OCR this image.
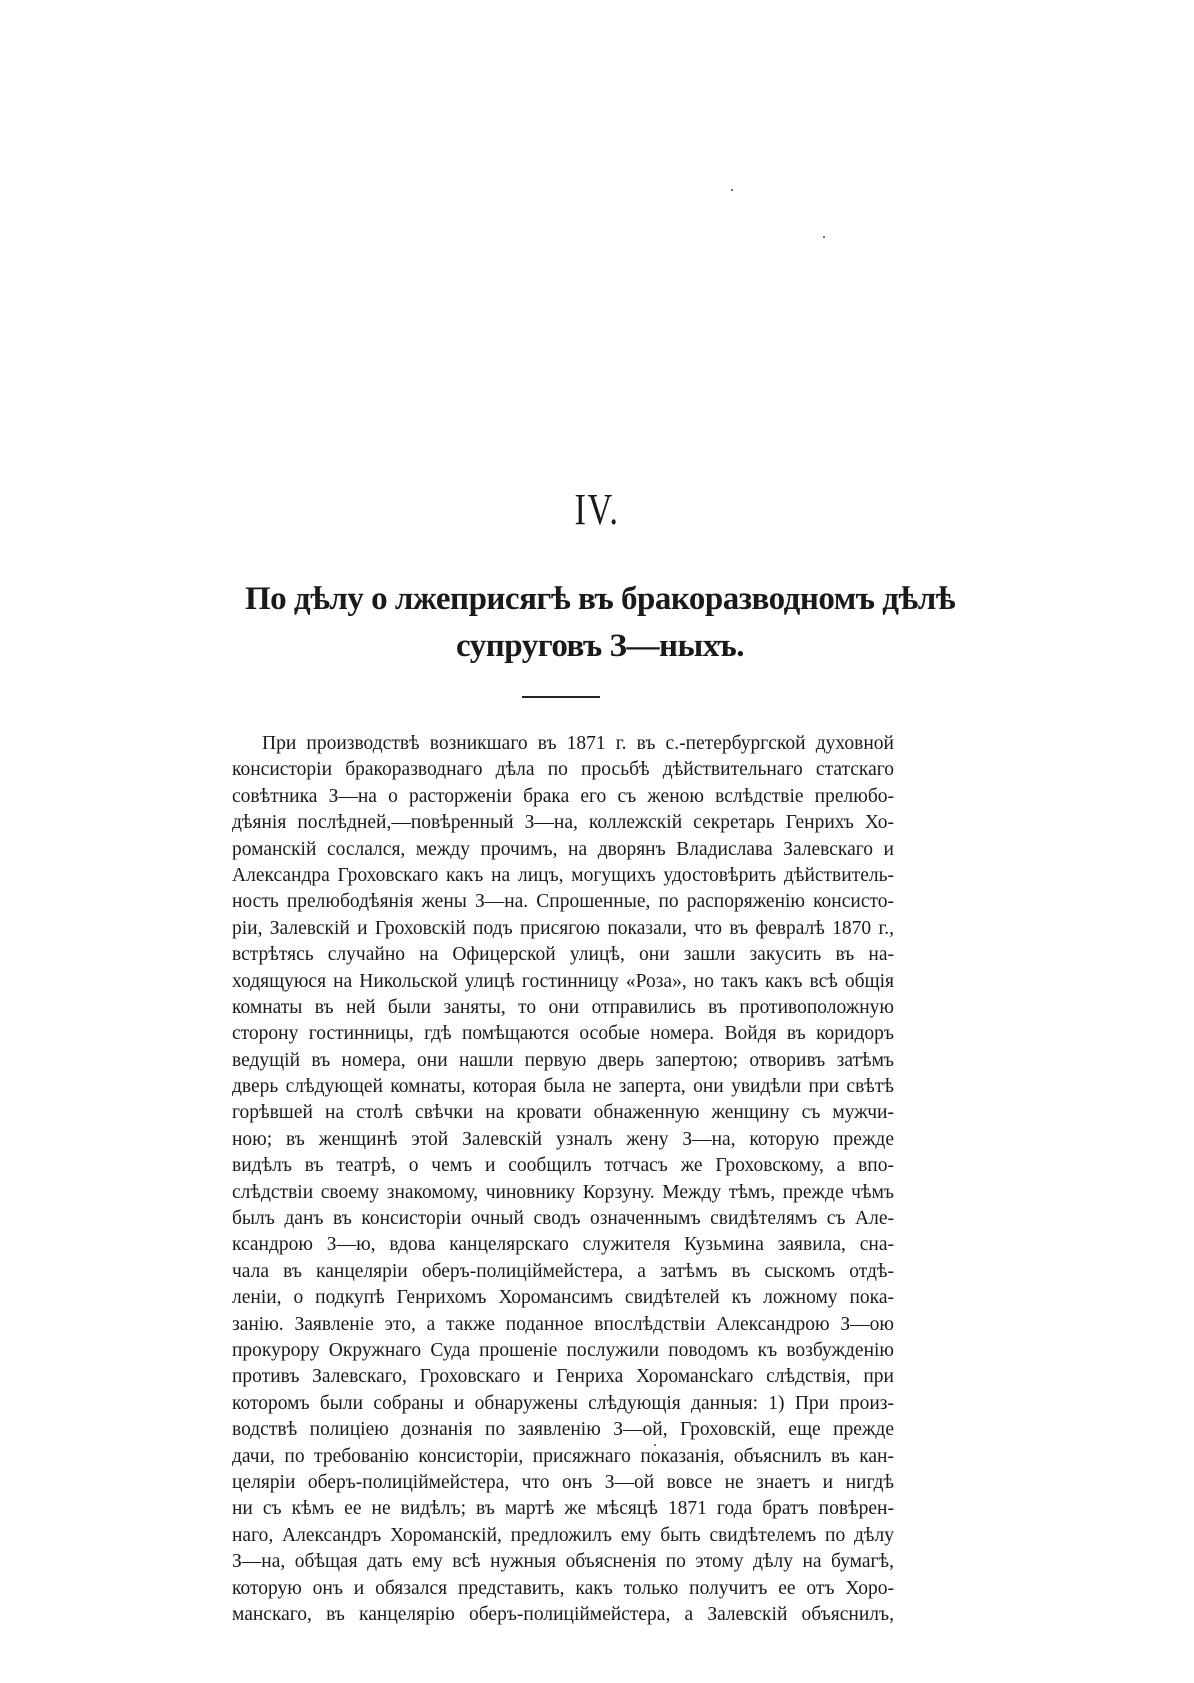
IV.
По дѣлу о лжеприсягѣ въ бракоразводномъ дѣлѣ
супруговъ З—ныхъ.
При производствѣ возникшаго въ 1871 г. въ с.-петербургской духовной
консисторіи бракоразводнаго дѣла по просьбѣ дѣйствительнаго статскаго
совѣтника З—на о расторженіи брака его съ женою вслѣдствіе прелюбо-
дѣянія послѣдней,—повѣренный З—на, коллежскій секретарь Генрихъ Хо-
романскій сослался, между прочимъ, на дворянъ Владислава Залевскаго и
Александра Гроховскаго какъ на лицъ, могущихъ удостовѣрить дѣйствитель-
ность прелюбодѣянія жены З—на. Спрошенные, по распоряженію консисто-
ріи, Залевскій и Гроховскій подъ присягою показали, что въ февралѣ 1870 г.,
встрѣтясь случайно на Офицерской улицѣ, они зашли закусить въ на-
ходящуюся на Никольской улицѣ гостинницу «Роза», но такъ какъ всѣ общія
комнаты въ ней были заняты, то они отправились въ противоположную
сторону гостинницы, гдѣ помѣщаются особые номера. Войдя въ коридоръ
ведущій въ номера, они нашли первую дверь запертою; отворивъ затѣмъ
дверь слѣдующей комнаты, которая была не заперта, они увидѣли при свѣтѣ
горѣвшей на столѣ свѣчки на кровати обнаженную женщину съ мужчи-
ною; въ женщинѣ этой Залевскій узналъ жену З—на, которую прежде
видѣлъ въ театрѣ, о чемъ и сообщилъ тотчасъ же Гроховскому, а впо-
слѣдствіи своему знакомому, чиновнику Корзуну. Между тѣмъ, прежде чѣмъ
былъ данъ въ консисторіи очный сводъ означеннымъ свидѣтелямъ съ Але-
ксандрою З—ю, вдова канцелярскаго служителя Кузьмина заявила, сна-
чала въ канцеляріи оберъ-полиціймейстера, а затѣмъ въ сыскомъ отдѣ-
леніи, о подкупѣ Генрихомъ Хоромансимъ свидѣтелей къ ложному пока-
занію. Заявленіе это, а также поданное впослѣдствіи Александрою З—ою
прокурору Окружнаго Суда прошеніе послужили поводомъ къ возбужденію
противъ Залевскаго, Гроховскаго и Генриха Хоромансkаго слѣдствія, при
которомъ были собраны и обнаружены слѣдующія данныя: 1) При произ-
водствѣ полиціею дознанія по заявленію З—ой, Гроховскій, еще прежде
дачи, по требованію консисторіи, присяжнаго показанія, объяснилъ въ кан-
целяріи оберъ-полиціймейстера, что онъ З—ой вовсе не знаетъ и нигдѣ
ни съ кѣмъ ее не видѣлъ; въ мартѣ же мѣсяцѣ 1871 года братъ повѣрен-
наго, Александръ Хороманскій, предложилъ ему быть свидѣтелемъ по дѣлу
З—на, обѣщая дать ему всѣ нужныя объясненія по этому дѣлу на бумагѣ,
которую онъ и обязался представить, какъ только получитъ ее отъ Хоро-
манскаго, въ канцелярію оберъ-полиціймейстера, а Залевскій объяснилъ,
